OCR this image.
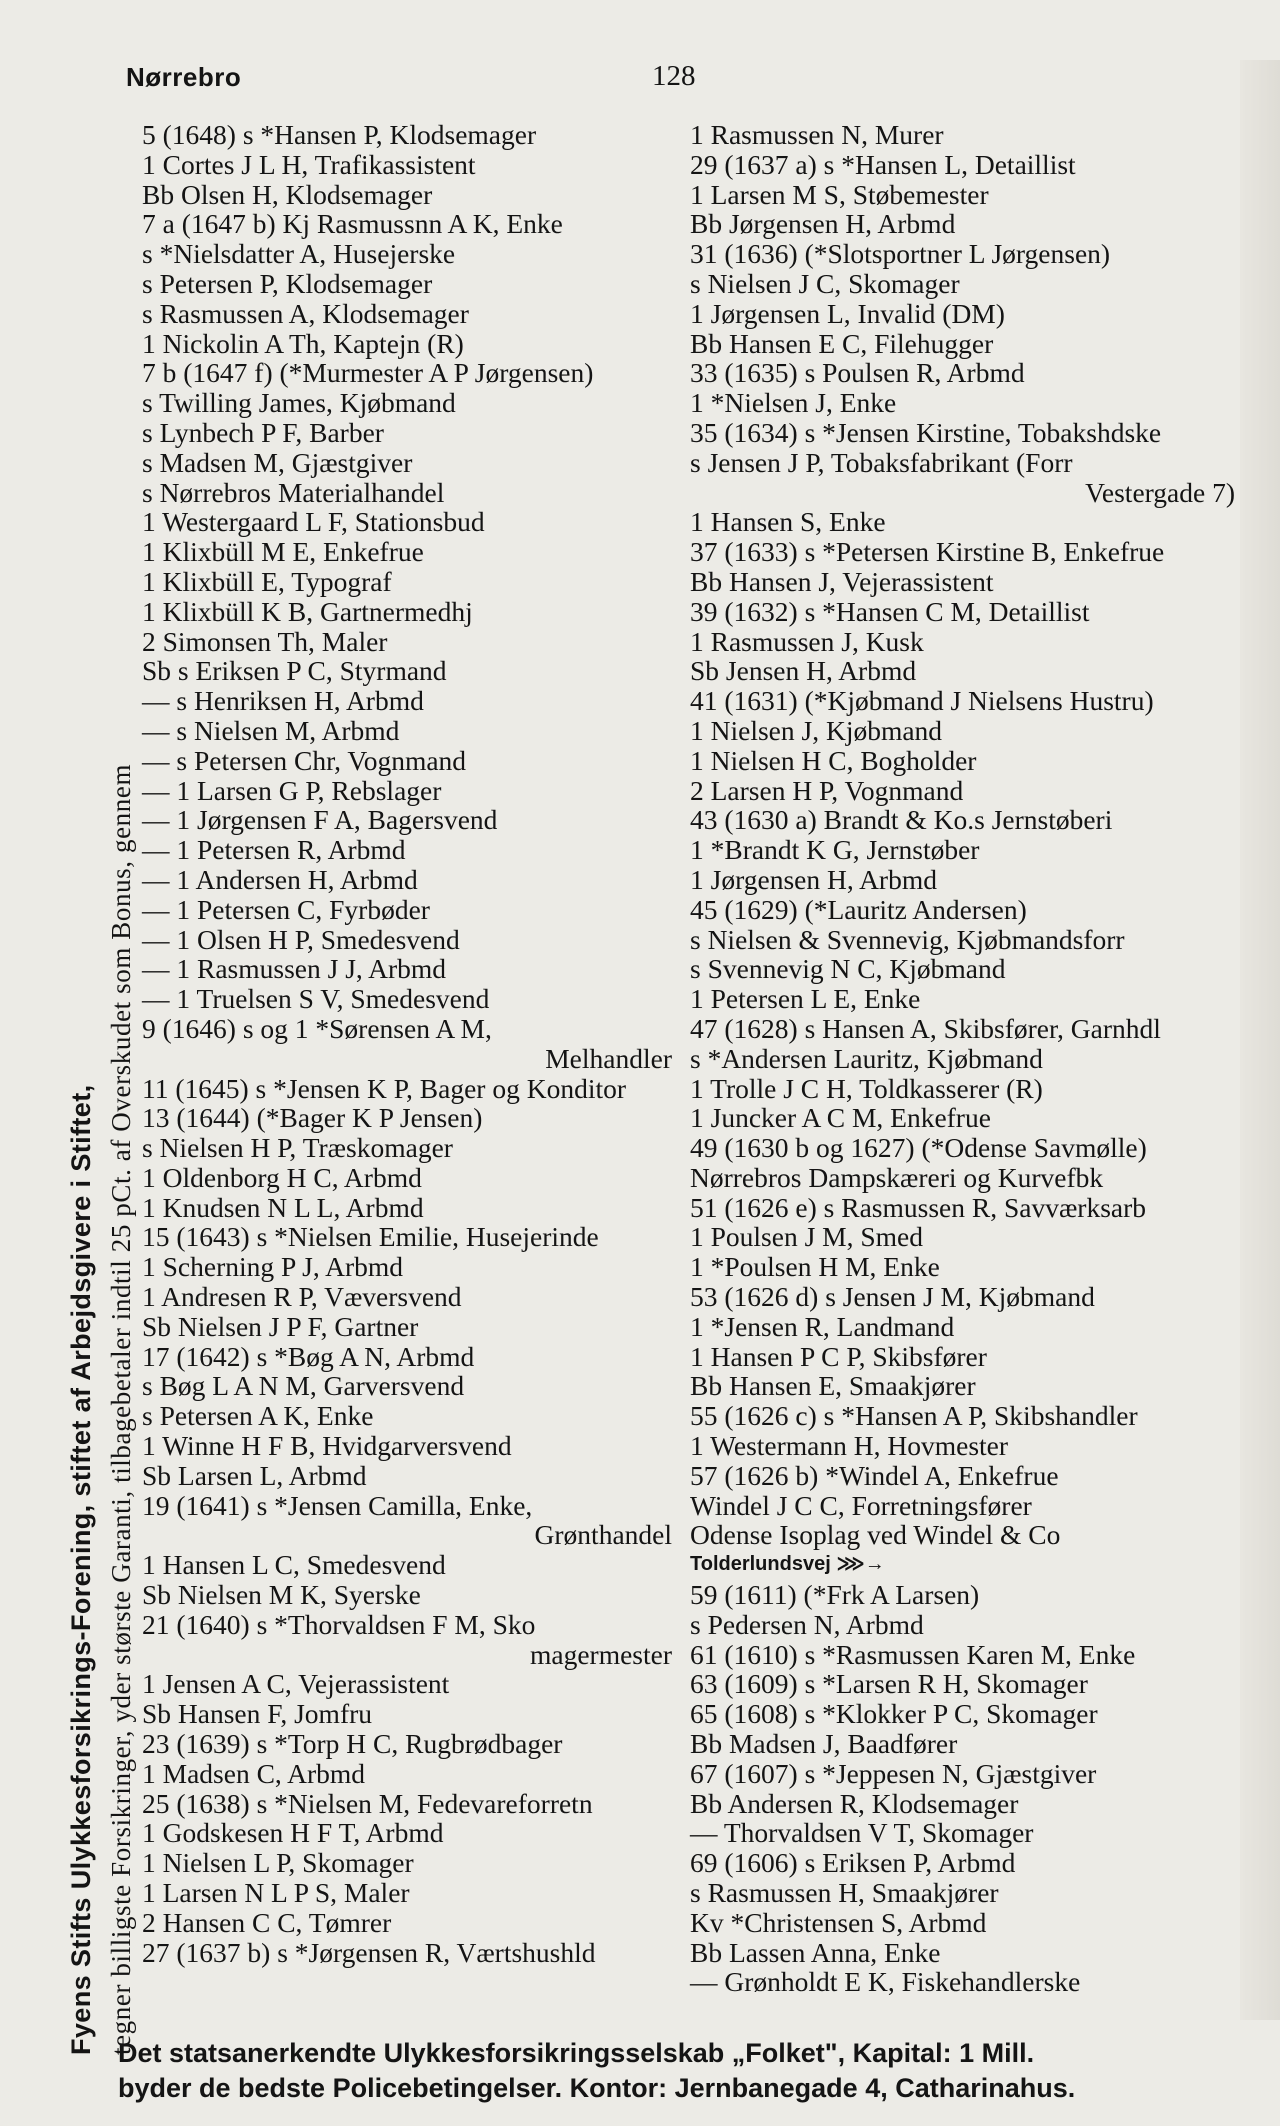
Nørrebro	128
Fyens Stifts Ulykkesforsikrings-Forening, stiftet af Arbejdsgivere i Stiftet, tegner billigste Forsikringer, yder største Garanti, tilbagebetaler indtil 25 pCt. af Overskudet som Bonus, gennem
5 (1648) s *Hansen P, Klodsemager
1 Cortes J L H, Trafikassistent
Bb Olsen H, Klodsemager
7 a (1647 b) Kj Rasmussnn A K, Enke
s *Nielsdatter A, Husejerske
s Petersen P, Klodsemager
s Rasmussen A, Klodsemager
1 Nickolin A Th, Kaptejn (R)
7 b (1647 f) (*Murmester A P Jørgensen)
s Twilling James, Kjøbmand
s Lynbech P F, Barber
s Madsen M, Gjæstgiver
s Nørrebros Materialhandel
1 Westergaard L F, Stationsbud
1 Klixbüll M E, Enkefrue
1 Klixbüll E, Typograf
1 Klixbüll K B, Gartnermedhj
2 Simonsen Th, Maler
Sb s Eriksen P C, Styrmand
— s Henriksen H, Arbmd
— s Nielsen M, Arbmd
— s Petersen Chr, Vognmand
— 1 Larsen G P, Rebslager
— 1 Jørgensen F A, Bagersvend
— 1 Petersen R, Arbmd
— 1 Andersen H, Arbmd
— 1 Petersen C, Fyrbøder
— 1 Olsen H P, Smedesvend
— 1 Rasmussen J J, Arbmd
— 1 Truelsen S V, Smedesvend
9 (1646) s og 1 *Sørensen A M,
Melhandler
11 (1645) s *Jensen K P, Bager og Konditor
13 (1644) (*Bager K P Jensen)
s Nielsen H P, Træskomager
1 Oldenborg H C, Arbmd
1 Knudsen N L L, Arbmd
15 (1643) s *Nielsen Emilie, Husejerinde
1 Scherning P J, Arbmd
1 Andresen R P, Væversvend
Sb Nielsen J P F, Gartner
17 (1642) s *Bøg A N, Arbmd
s Bøg L A N M, Garversvend
s Petersen A K, Enke
1 Winne H F B, Hvidgarversvend
Sb Larsen L, Arbmd
19 (1641) s *Jensen Camilla, Enke,
Grønthandel
1 Hansen L C, Smedesvend
Sb Nielsen M K, Syerske
21 (1640) s *Thorvaldsen F M, Sko
magermester
1 Jensen A C, Vejerassistent
Sb Hansen F, Jomfru
23 (1639) s *Torp H C, Rugbrødbager
1 Madsen C, Arbmd
25 (1638) s *Nielsen M, Fedevareforretn
1 Godskesen H F T, Arbmd
1 Nielsen L P, Skomager
1 Larsen N L P S, Maler
2 Hansen C C, Tømrer
27 (1637 b) s *Jørgensen R, Værtshushld
1 Rasmussen N, Murer
29 (1637 a) s *Hansen L, Detaillist
1 Larsen M S, Støbemester
Bb Jørgensen H, Arbmd
31 (1636) (*Slotsportner L Jørgensen)
s Nielsen J C, Skomager
1 Jørgensen L, Invalid (DM)
Bb Hansen E C, Filehugger
33 (1635) s Poulsen R, Arbmd
1 *Nielsen J, Enke
35 (1634) s *Jensen Kirstine, Tobakshdske
s Jensen J P, Tobaksfabrikant (Forr
Vestergade 7)
1 Hansen S, Enke
37 (1633) s *Petersen Kirstine B, Enkefrue
Bb Hansen J, Vejerassistent
39 (1632) s *Hansen C M, Detaillist
1 Rasmussen J, Kusk
Sb Jensen H, Arbmd
41 (1631) (*Kjøbmand J Nielsens Hustru)
1 Nielsen J, Kjøbmand
1 Nielsen H C, Bogholder
2 Larsen H P, Vognmand
43 (1630 a) Brandt & Ko.s Jernstøberi
1 *Brandt K G, Jernstøber
1 Jørgensen H, Arbmd
45 (1629) (*Lauritz Andersen)
s Nielsen & Svennevig, Kjøbmandsforr
s Svennevig N C, Kjøbmand
1 Petersen L E, Enke
47 (1628) s Hansen A, Skibsfører, Garnhdl
s *Andersen Lauritz, Kjøbmand
1 Trolle J C H, Toldkasserer (R)
1 Juncker A C M, Enkefrue
49 (1630 b og 1627) (*Odense Savmølle)
Nørrebros Dampskæreri og Kurvefbk
51 (1626 e) s Rasmussen R, Savværksarb
1 Poulsen J M, Smed
1 *Poulsen H M, Enke
53 (1626 d) s Jensen J M, Kjøbmand
1 *Jensen R, Landmand
1 Hansen P C P, Skibsfører
Bb Hansen E, Smaakjører
55 (1626 c) s *Hansen A P, Skibshandler
1 Westermann H, Hovmester
57 (1626 b) *Windel A, Enkefrue
Windel J C C, Forretningsfører
Odense Isoplag ved Windel & Co
Tolderlundsvej ⋙→
59 (1611) (*Frk A Larsen)
s Pedersen N, Arbmd
61 (1610) s *Rasmussen Karen M, Enke
63 (1609) s *Larsen R H, Skomager
65 (1608) s *Klokker P C, Skomager
Bb Madsen J, Baadfører
67 (1607) s *Jeppesen N, Gjæstgiver
Bb Andersen R, Klodsemager
— Thorvaldsen V T, Skomager
69 (1606) s Eriksen P, Arbmd
s Rasmussen H, Smaakjører
Kv *Christensen S, Arbmd
Bb Lassen Anna, Enke
— Grønholdt E K, Fiskehandlerske
Det statsanerkendte Ulykkesforsikringsselskab „Folket", Kapital: 1 Mill.
byder de bedste Policebetingelser. Kontor: Jernbanegade 4, Catharinahus.
